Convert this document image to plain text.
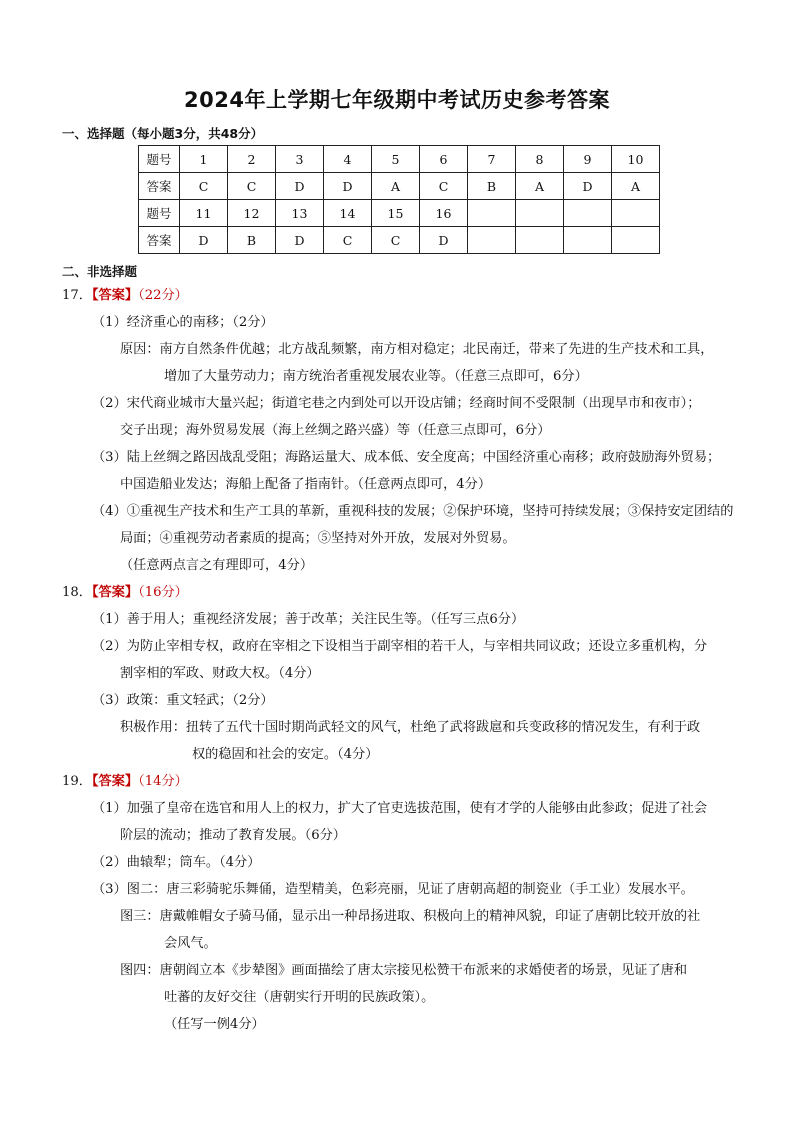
2024年上学期七年级期中考试历史参考答案
一、选择题（每小题3分，共48分）
题号	1	2	3	4	5	6	7	8	9	10
答案	C	C	D	D	A	C	B	A	D	A
题号	11	12	13	14	15	16				
答案	D	B	D	C	C	D				
二、非选择题
17．【答案】（22分）
（1）经济重心的南移；（2分）
原因：南方自然条件优越；北方战乱频繁，南方相对稳定；北民南迁，带来了先进的生产技术和工具，
增加了大量劳动力；南方统治者重视发展农业等。（任意三点即可，6分）
（2）宋代商业城市大量兴起；街道宅巷之内到处可以开设店铺；经商时间不受限制（出现早市和夜市）；
交子出现；海外贸易发展（海上丝绸之路兴盛）等（任意三点即可，6分）
（3）陆上丝绸之路因战乱受阻；海路运量大、成本低、安全度高；中国经济重心南移；政府鼓励海外贸易；
中国造船业发达；海船上配备了指南针。（任意两点即可，4分）
（4）①重视生产技术和生产工具的革新，重视科技的发展；②保护环境，坚持可持续发展；③保持安定团结的
局面；④重视劳动者素质的提高；⑤坚持对外开放，发展对外贸易。
（任意两点言之有理即可，4分）
18．【答案】（16分）
（1）善于用人；重视经济发展；善于改革；关注民生等。（任写三点6分）
（2）为防止宰相专权，政府在宰相之下设相当于副宰相的若干人，与宰相共同议政；还设立多重机构，分
割宰相的军政、财政大权。（4分）
（3）政策：重文轻武；（2分）
积极作用：扭转了五代十国时期尚武轻文的风气，杜绝了武将跋扈和兵变政移的情况发生，有利于政
权的稳固和社会的安定。（4分）
19．【答案】（14分）
（1）加强了皇帝在选官和用人上的权力，扩大了官吏选拔范围，使有才学的人能够由此参政；促进了社会
阶层的流动；推动了教育发展。（6分）
（2）曲辕犁；筒车。（4分）
（3）图二：唐三彩骑驼乐舞俑，造型精美，色彩亮丽，见证了唐朝高超的制瓷业（手工业）发展水平。
图三：唐戴帷帽女子骑马俑，显示出一种昂扬进取、积极向上的精神风貌，印证了唐朝比较开放的社
会风气。
图四：唐朝阎立本《步辇图》画面描绘了唐太宗接见松赞干布派来的求婚使者的场景，见证了唐和
吐蕃的友好交往（唐朝实行开明的民族政策）。
（任写一例4分）
